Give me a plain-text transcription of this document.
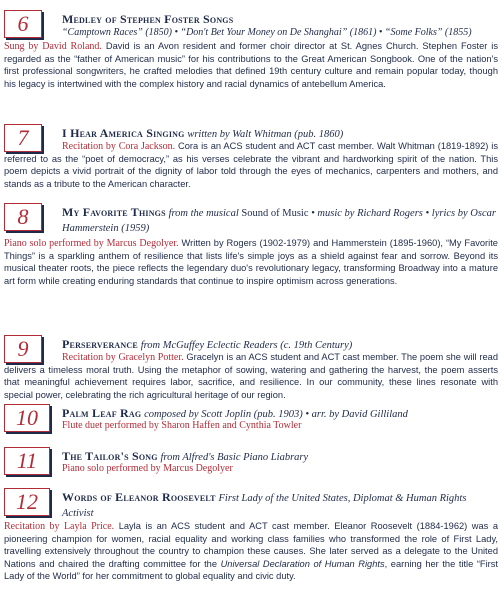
6	Medley of Stephen Foster Songs
“Camptown Races” (1850) • “Don't Bet Your Money on De Shanghai” (1861) • “Some Folks” (1855)
Sung by David Roland. David is an Avon resident and former choir director at St. Agnes Church. Stephen Foster is regarded as the “father of American music” for his contributions to the Great American Songbook. One of the nation's first professional songwriters, he crafted melodies that defined 19th century culture and remain popular today, though his legacy is intertwined with the complex history and racial dynamics of antebellum America.
7	I Hear America Singing written by Walt Whitman (pub. 1860)
Recitation by Cora Jackson. Cora is an ACS student and ACT cast member. Walt Whitman (1819-1892) is referred to as the “poet of democracy,” as his verses celebrate the vibrant and hardworking spirit of the nation. This poem depicts a vivid portrait of the dignity of labor told through the eyes of mechanics, carpenters and mothers, and stands as a tribute to the American character.
8	My Favorite Things from the musical Sound of Music • music by Richard Rogers • lyrics by Oscar Hammerstein (1959)
Piano solo performed by Marcus Degolyer. Written by Rogers (1902-1979) and Hammerstein (1895-1960), “My Favorite Things” is a sparkling anthem of resilience that lists life's simple joys as a shield against fear and sorrow. Beyond its musical theater roots, the piece reflects the legendary duo's revolutionary legacy, transforming Broadway into a mature art form while creating enduring standards that continue to inspire optimism across generations.
9	Perserverance from McGuffey Eclectic Readers (c. 19th Century)
Recitation by Gracelyn Potter. Gracelyn is an ACS student and ACT cast member. The poem she will read delivers a timeless moral truth. Using the metaphor of sowing, watering and gathering the harvest, the poem asserts that meaningful achievement requires labor, sacrifice, and resilience. In our community, these lines resonate with special power, celebrating the rich agricultural heritage of our region.
10 Palm Leaf Rag composed by Scott Joplin (pub. 1903) • arr. by David Gilliland
Flute duet performed by Sharon Haffen and Cynthia Towler
11 The Tailor's Song from Alfred's Basic Piano Liabrary
Piano solo performed by Marcus Degolyer
12 Words of Eleanor Roosevelt First Lady of the United States, Diplomat & Human Rights Activist
Recitation by Layla Price. Layla is an ACS student and ACT cast member. Eleanor Roosevelt (1884-1962) was a pioneering champion for women, racial equality and working class families who transformed the role of First Lady, travelling extensively throughout the country to champion these causes. She later served as a delegate to the United Nations and chaired the drafting committee for the Universal Declaration of Human Rights, earning her the title “First Lady of the World” for her commitment to global equality and civic duty.
